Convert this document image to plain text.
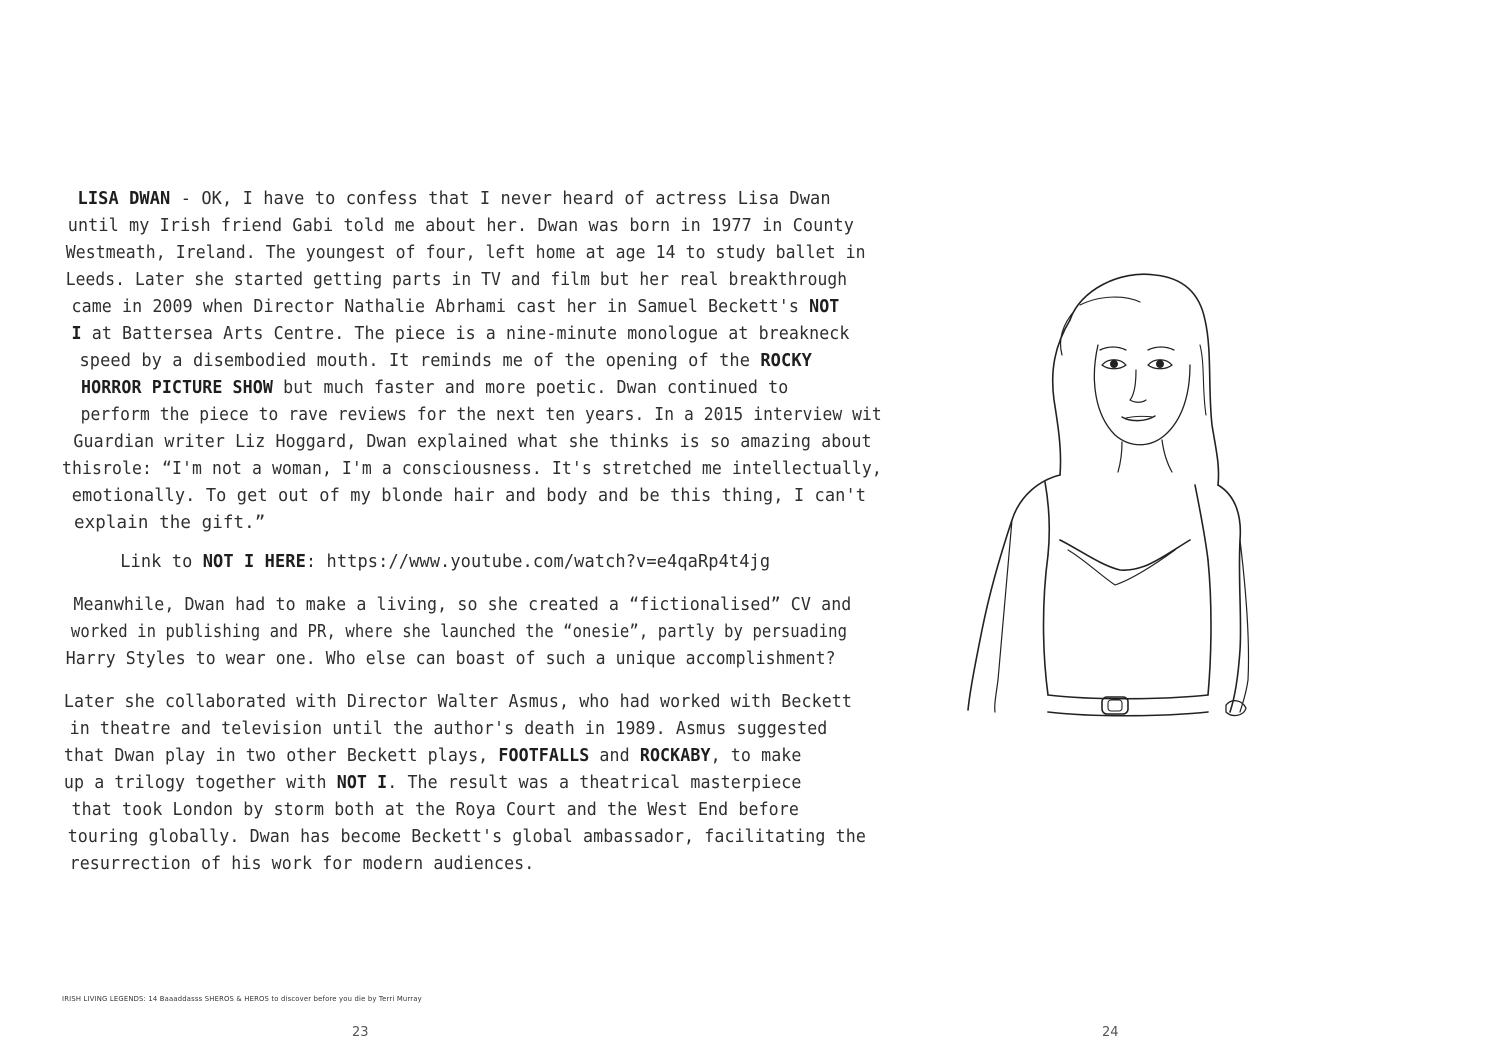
LISA DWAN - OK, I have to confess that I never heard of actress Lisa Dwan
until my Irish friend Gabi told me about her. Dwan was born in 1977 in County
Westmeath, Ireland. The youngest of four, left home at age 14 to study ballet in
Leeds. Later she started getting parts in TV and film but her real breakthrough
came in 2009 when Director Nathalie Abrhami cast her in Samuel Beckett's NOT
I at Battersea Arts Centre. The piece is a nine-minute monologue at breakneck
speed by a disembodied mouth. It reminds me of the opening of the ROCKY
HORROR PICTURE SHOW but much faster and more poetic. Dwan continued to
perform the piece to rave reviews for the next ten years. In a 2015 interview wit
Guardian writer Liz Hoggard, Dwan explained what she thinks is so amazing about
thisrole: “I'm not a woman, I'm a consciousness. It's stretched me intellectually,
emotionally. To get out of my blonde hair and body and be this thing, I can't
explain the gift.”
Link to NOT I HERE: https://www.youtube.com/watch?v=e4qaRp4t4jg
Meanwhile, Dwan had to make a living, so she created a “fictionalised” CV and
worked in publishing and PR, where she launched the “onesie”, partly by persuading
Harry Styles to wear one. Who else can boast of such a unique accomplishment?
Later she collaborated with Director Walter Asmus, who had worked with Beckett
in theatre and television until the author's death in 1989. Asmus suggested
that Dwan play in two other Beckett plays, FOOTFALLS and ROCKABY, to make
up a trilogy together with NOT I. The result was a theatrical masterpiece
that took London by storm both at the Roya Court and the West End before
touring globally. Dwan has become Beckett's global ambassador, facilitating the
resurrection of his work for modern audiences.
IRISH LIVING LEGENDS: 14 Baaaddasss SHEROS & HEROS to discover before you die by Terri Murray
23	24
